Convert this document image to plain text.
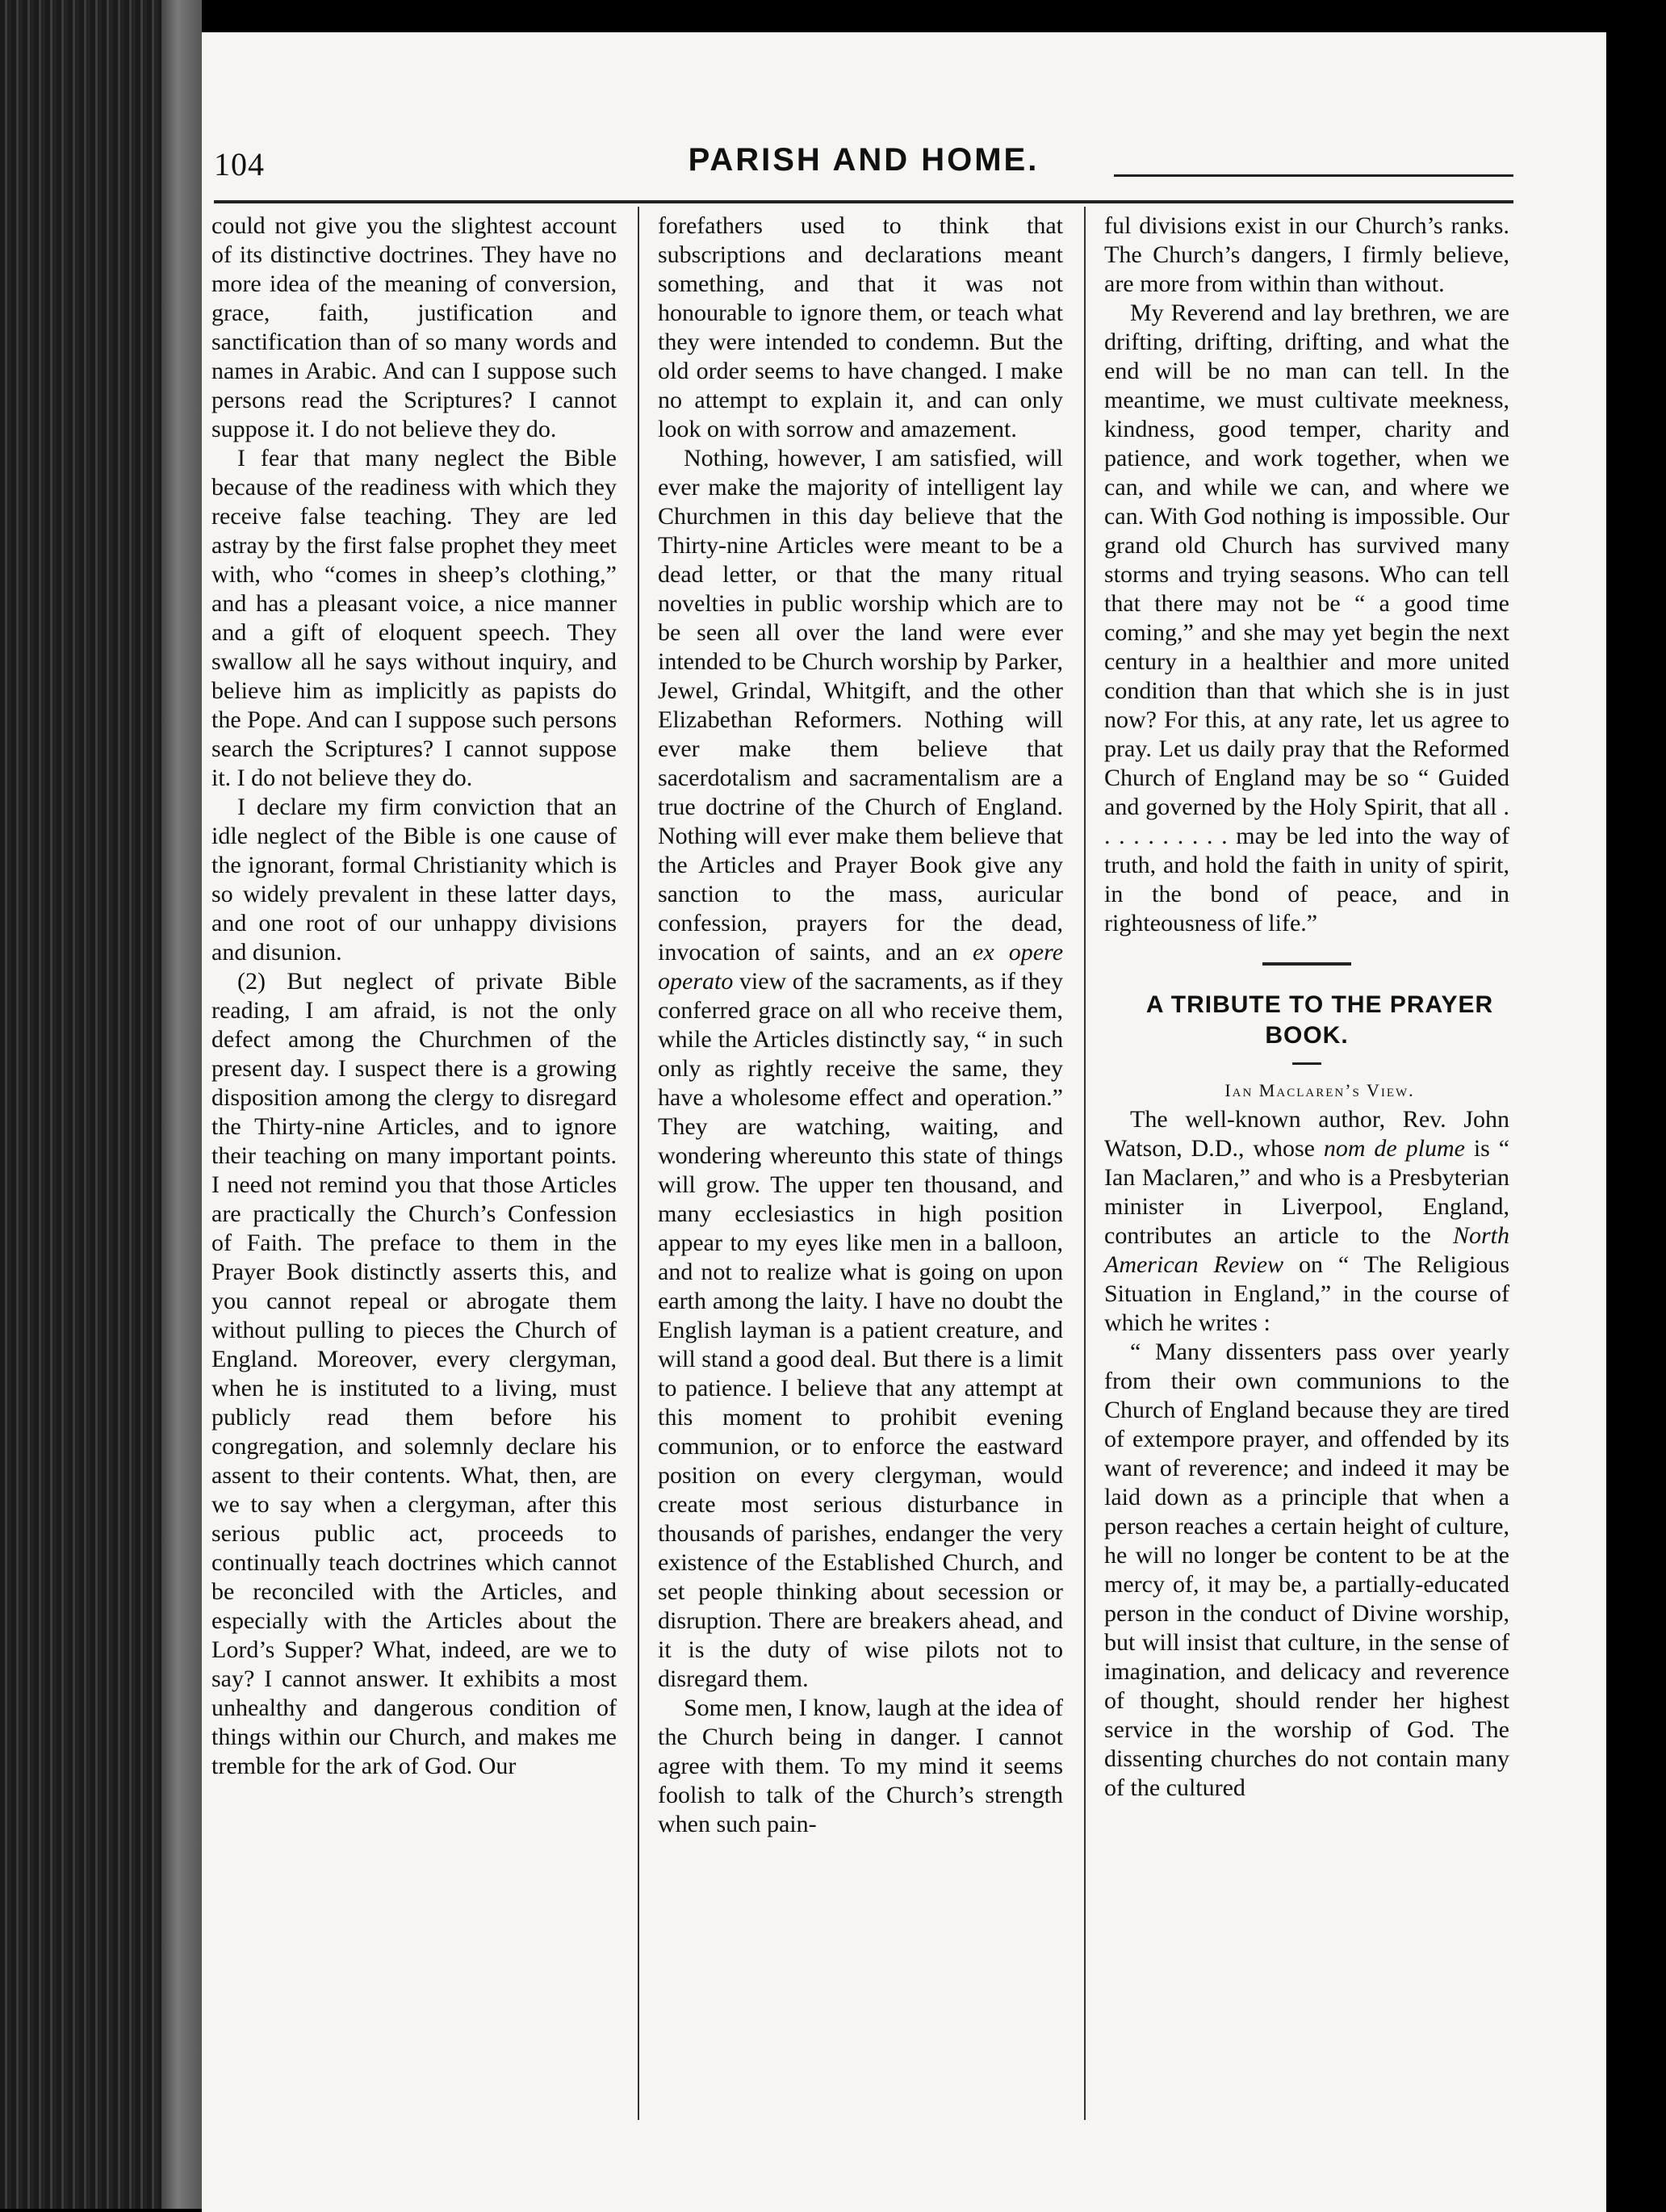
104	PARISH AND HOME.

could not give you the slightest account of its distinctive doctrines. They have no more idea of the meaning of conversion, grace, faith, justification and sanctification than of so many words and names in Arabic. And can I suppose such persons read the Scriptures? I cannot suppose it. I do not believe they do.

I fear that many neglect the Bible because of the readiness with which they receive false teaching. They are led astray by the first false prophet they meet with, who “comes in sheep’s clothing,” and has a pleasant voice, a nice manner and a gift of eloquent speech. They swallow all he says without inquiry, and believe him as implicitly as papists do the Pope. And can I suppose such persons search the Scriptures? I cannot suppose it. I do not believe they do.

I declare my firm conviction that an idle neglect of the Bible is one cause of the ignorant, formal Christianity which is so widely prevalent in these latter days, and one root of our unhappy divisions and disunion.

(2) But neglect of private Bible reading, I am afraid, is not the only defect among the Churchmen of the present day. I suspect there is a growing disposition among the clergy to disregard the Thirty-nine Articles, and to ignore their teaching on many important points. I need not remind you that those Articles are practically the Church’s Confession of Faith. The preface to them in the Prayer Book distinctly asserts this, and you cannot repeal or abrogate them without pulling to pieces the Church of England. Moreover, every clergyman, when he is instituted to a living, must publicly read them before his congregation, and solemnly declare his assent to their contents. What, then, are we to say when a clergyman, after this serious public act, proceeds to continually teach doctrines which cannot be reconciled with the Articles, and especially with the Articles about the Lord’s Supper? What, indeed, are we to say? I cannot answer. It exhibits a most unhealthy and dangerous condition of things within our Church, and makes me tremble for the ark of God. Our

forefathers used to think that subscriptions and declarations meant something, and that it was not honourable to ignore them, or teach what they were intended to condemn. But the old order seems to have changed. I make no attempt to explain it, and can only look on with sorrow and amazement.

Nothing, however, I am satisfied, will ever make the majority of intelligent lay Churchmen in this day believe that the Thirty-nine Articles were meant to be a dead letter, or that the many ritual novelties in public worship which are to be seen all over the land were ever intended to be Church worship by Parker, Jewel, Grindal, Whitgift, and the other Elizabethan Reformers. Nothing will ever make them believe that sacerdotalism and sacramentalism are a true doctrine of the Church of England. Nothing will ever make them believe that the Articles and Prayer Book give any sanction to the mass, auricular confession, prayers for the dead, invocation of saints, and an ex opere operato view of the sacraments, as if they conferred grace on all who receive them, while the Articles distinctly say, “ in such only as rightly receive the same, they have a wholesome effect and operation.” They are watching, waiting, and wondering whereunto this state of things will grow. The upper ten thousand, and many ecclesiastics in high position appear to my eyes like men in a balloon, and not to realize what is going on upon earth among the laity. I have no doubt the English layman is a patient creature, and will stand a good deal. But there is a limit to patience. I believe that any attempt at this moment to prohibit evening communion, or to enforce the eastward position on every clergyman, would create most serious disturbance in thousands of parishes, endanger the very existence of the Established Church, and set people thinking about secession or disruption. There are breakers ahead, and it is the duty of wise pilots not to disregard them.

Some men, I know, laugh at the idea of the Church being in danger. I cannot agree with them. To my mind it seems foolish to talk of the Church’s strength when such pain-

ful divisions exist in our Church’s ranks. The Church’s dangers, I firmly believe, are more from within than without.

My Reverend and lay brethren, we are drifting, drifting, drifting, and what the end will be no man can tell. In the meantime, we must cultivate meekness, kindness, good temper, charity and patience, and work together, when we can, and while we can, and where we can. With God nothing is impossible. Our grand old Church has survived many storms and trying seasons. Who can tell that there may not be “ a good time coming,” and she may yet begin the next century in a healthier and more united condition than that which she is in just now? For this, at any rate, let us agree to pray. Let us daily pray that the Reformed Church of England may be so “ Guided and governed by the Holy Spirit, that all . . . . . . . . . . may be led into the way of truth, and hold the faith in unity of spirit, in the bond of peace, and in righteousness of life.”

A TRIBUTE TO THE PRAYER BOOK.

Ian Maclaren’s View.

The well-known author, Rev. John Watson, D.D., whose nom de plume is “ Ian Maclaren,” and who is a Presbyterian minister in Liverpool, England, contributes an article to the North American Review on “ The Religious Situation in England,” in the course of which he writes :

“ Many dissenters pass over yearly from their own communions to the Church of England because they are tired of extempore prayer, and offended by its want of reverence; and indeed it may be laid down as a principle that when a person reaches a certain height of culture, he will no longer be content to be at the mercy of, it may be, a partially-educated person in the conduct of Divine worship, but will insist that culture, in the sense of imagination, and delicacy and reverence of thought, should render her highest service in the worship of God. The dissenting churches do not contain many of the cultured
